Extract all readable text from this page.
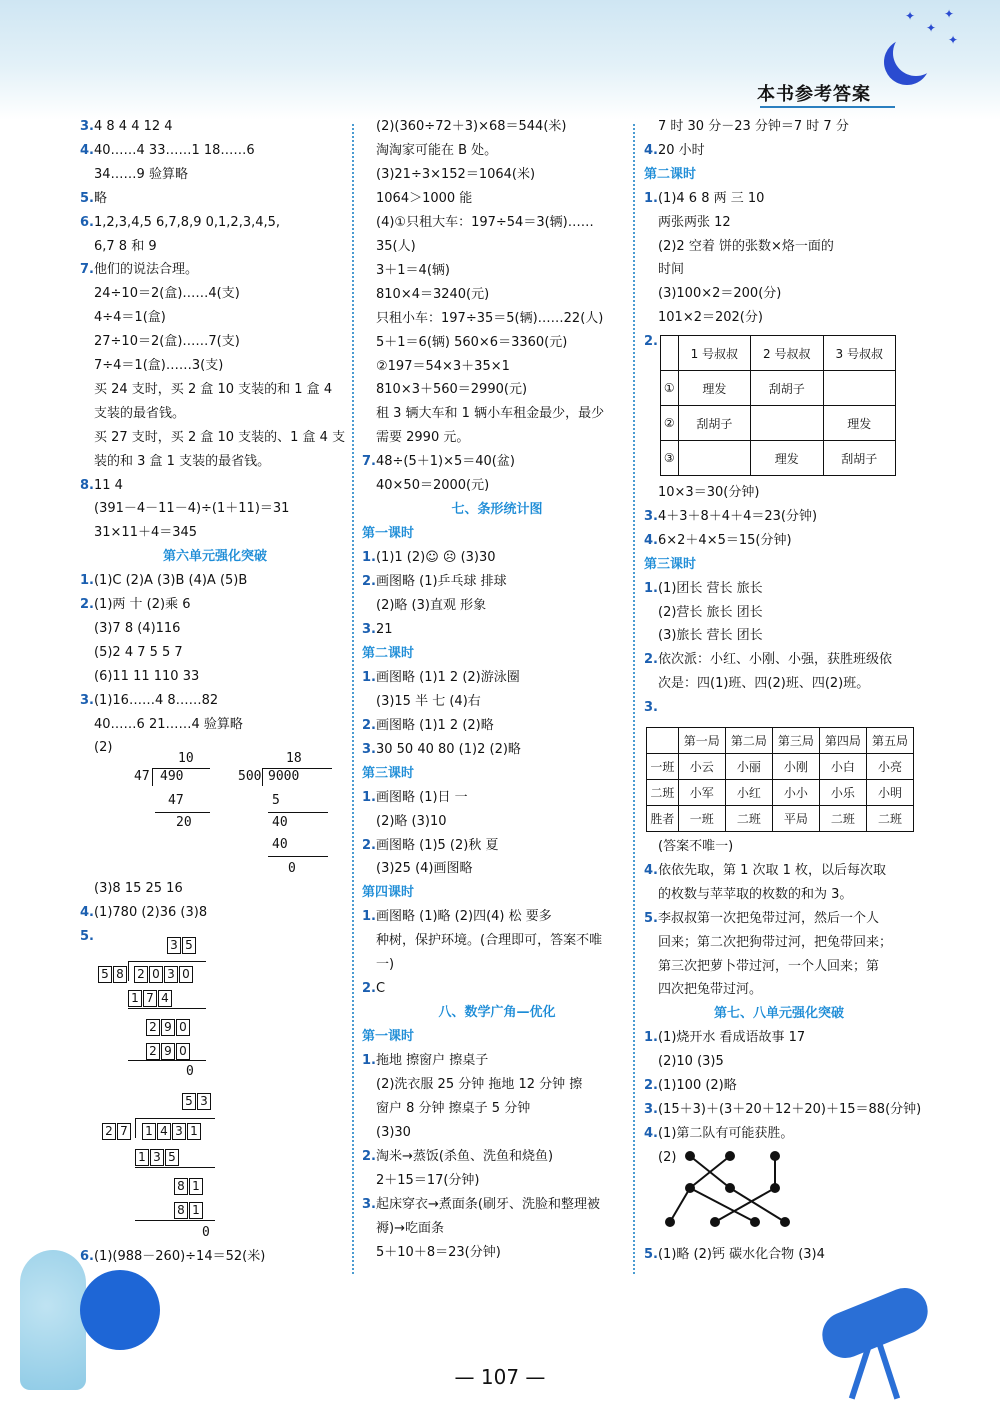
✦
✦
✦
✦
本书参考答案
3.4 8 4 4 12 4
4.40……4 33……1 18……6
34……9 验算略
5.略
6.1,2,3,4,5 6,7,8,9 0,1,2,3,4,5,
6,7 8 和 9
7.他们的说法合理。
24÷10＝2(盒)……4(支)
4÷4＝1(盒)
27÷10＝2(盒)……7(支)
7÷4＝1(盒)……3(支)
买 24 支时，买 2 盒 10 支装的和 1 盒 4
支装的最省钱。
买 27 支时，买 2 盒 10 支装的、1 盒 4 支
装的和 3 盒 1 支装的最省钱。
8.11 4
(391－4－11－4)÷(1＋11)＝31
31×11＋4＝345
第六单元强化突破
1.(1)C (2)A (3)B (4)A (5)B
2.(1)两 十 (2)乘 6
(3)7 8 (4)116
(5)2 4 7 5 5 7
(6)11 11 110 33
3.(1)16……4 8……82
40……6 21……4 验算略
(2)
(3)8 15 25 16
4.(1)780 (2)36 (3)8
5.
6.(1)(988－260)÷14＝52(米)
(2)(360÷72＋3)×68＝544(米)
淘淘家可能在 B 处。
(3)21÷3×152＝1064(米)
1064＞1000 能
(4)①只租大车：197÷54＝3(辆)……
35(人)
3＋1＝4(辆)
810×4＝3240(元)
只租小车：197÷35＝5(辆)……22(人)
5＋1＝6(辆) 560×6＝3360(元)
②197＝54×3＋35×1
810×3＋560＝2990(元)
租 3 辆大车和 1 辆小车租金最少，最少
需要 2990 元。
7.48÷(5＋1)×5＝40(盆)
40×50＝2000(元)
七、条形统计图
第一课时
1.(1)1 (2)☺ ☹ (3)30
2.画图略 (1)乒乓球 排球
(2)略 (3)直观 形象
3.21
第二课时
1.画图略 (1)1 2 (2)游泳圈
(3)15 半 七 (4)右
2.画图略 (1)1 2 (2)略
3.30 50 40 80 (1)2 (2)略
第三课时
1.画图略 (1)日 一
(2)略 (3)10
2.画图略 (1)5 (2)秋 夏
(3)25 (4)画图略
第四课时
1.画图略 (1)略 (2)四(4) 松 要多
种树，保护环境。(合理即可，答案不唯
一)
2.C
八、数学广角—优化
第一课时
1.拖地 擦窗户 擦桌子
(2)洗衣服 25 分钟 拖地 12 分钟 擦
窗户 8 分钟 擦桌子 5 分钟
(3)30
2.淘米→蒸饭(杀鱼、洗鱼和烧鱼)
2＋15＝17(分钟)
3.起床穿衣→煮面条(刷牙、洗脸和整理被
褥)→吃面条
5＋10＋8＝23(分钟)
7 时 30 分－23 分钟＝7 时 7 分
4.20 小时
第二课时
1.(1)4 6 8 两 三 10
两张两张 12
(2)2 空着 饼的张数×烙一面的
时间
(3)100×2＝200(分)
101×2＝202(分)
2.
10×3＝30(分钟)
3.4＋3＋8＋4＋4＝23(分钟)
4.6×2＋4×5＝15(分钟)
第三课时
1.(1)团长 营长 旅长
(2)营长 旅长 团长
(3)旅长 营长 团长
2.依次派：小红、小刚、小强，获胜班级依
次是：四(1)班、四(2)班、四(2)班。
3.
(答案不唯一)
4.依依先取，第 1 次取 1 枚，以后每次取
的枚数与苹苹取的枚数的和为 3。
5.李叔叔第一次把兔带过河，然后一个人
回来；第二次把狗带过河，把兔带回来；
第三次把萝卜带过河，一个人回来；第
四次把兔带过河。
第七、八单元强化突破
1.(1)烧开水 看成语故事 17
(2)10 (3)5
2.(1)100 (2)略
3.(15＋3)＋(3＋20＋12＋20)＋15＝88(分钟)
4.(1)第二队有可能获胜。
(2)
5.(1)略 (2)钙 碳水化合物 (3)4
10
47 490
47
20
18
500 9000
5
40
40
0
3 5
5 8	2 0 3 0
1 7 4
2 9 0
2 9 0
0
5 3
2 7	1 4 3 1
1 3 5
8 1
8 1
0
	1 号叔叔	2 号叔叔	3 号叔叔
①	理发	刮胡子	
②	刮胡子		理发
③		理发	刮胡子
	第一局	第二局	第三局	第四局	第五局
一班	小云	小丽	小刚	小白	小亮
二班	小军	小红	小小	小乐	小明
胜者	一班	二班	平局	二班	二班
— 107 —
